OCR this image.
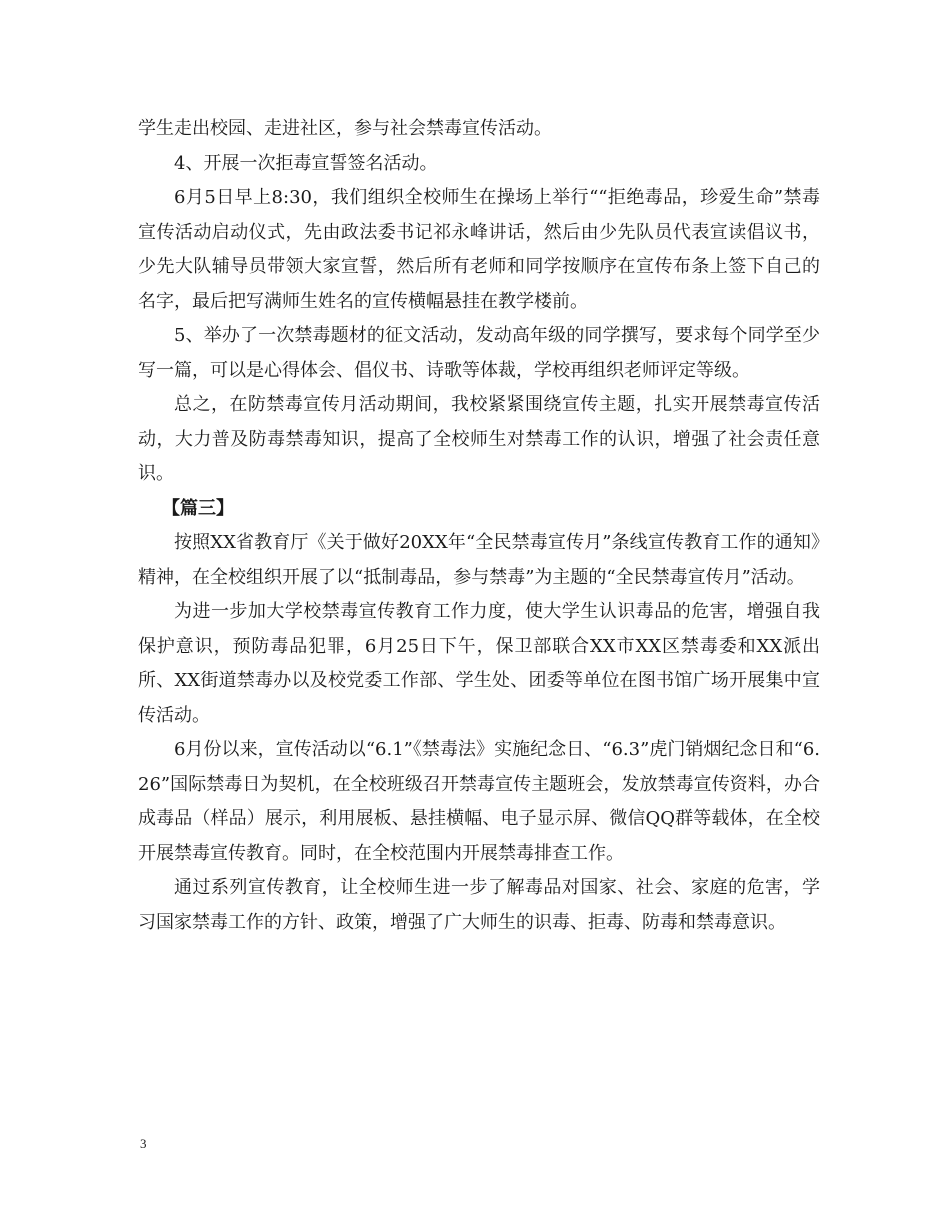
学生走出校园、走进社区，参与社会禁毒宣传活动。

4、开展一次拒毒宣誓签名活动。

6月5日早上8:30，我们组织全校师生在操场上举行““拒绝毒品，珍爱生命”禁毒宣传活动启动仪式，先由政法委书记祁永峰讲话，然后由少先队员代表宣读倡议书，少先大队辅导员带领大家宣誓，然后所有老师和同学按顺序在宣传布条上签下自己的名字，最后把写满师生姓名的宣传横幅悬挂在教学楼前。

5、举办了一次禁毒题材的征文活动，发动高年级的同学撰写，要求每个同学至少写一篇，可以是心得体会、倡仪书、诗歌等体裁，学校再组织老师评定等级。

总之，在防禁毒宣传月活动期间，我校紧紧围绕宣传主题，扎实开展禁毒宣传活动，大力普及防毒禁毒知识，提高了全校师生对禁毒工作的认识，增强了社会责任意识。

【篇三】

按照XX省教育厅《关于做好20XX年“全民禁毒宣传月”条线宣传教育工作的通知》精神，在全校组织开展了以“抵制毒品，参与禁毒”为主题的“全民禁毒宣传月”活动。

为进一步加大学校禁毒宣传教育工作力度，使大学生认识毒品的危害，增强自我保护意识，预防毒品犯罪，6月25日下午，保卫部联合XX市XX区禁毒委和XX派出所、XX街道禁毒办以及校党委工作部、学生处、团委等单位在图书馆广场开展集中宣传活动。

6月份以来，宣传活动以“6.1”《禁毒法》实施纪念日、“6.3”虎门销烟纪念日和“6.26”国际禁毒日为契机，在全校班级召开禁毒宣传主题班会，发放禁毒宣传资料，办合成毒品（样品）展示，利用展板、悬挂横幅、电子显示屏、微信QQ群等载体，在全校开展禁毒宣传教育。同时，在全校范围内开展禁毒排查工作。

通过系列宣传教育，让全校师生进一步了解毒品对国家、社会、家庭的危害，学习国家禁毒工作的方针、政策，增强了广大师生的识毒、拒毒、防毒和禁毒意识。

3
